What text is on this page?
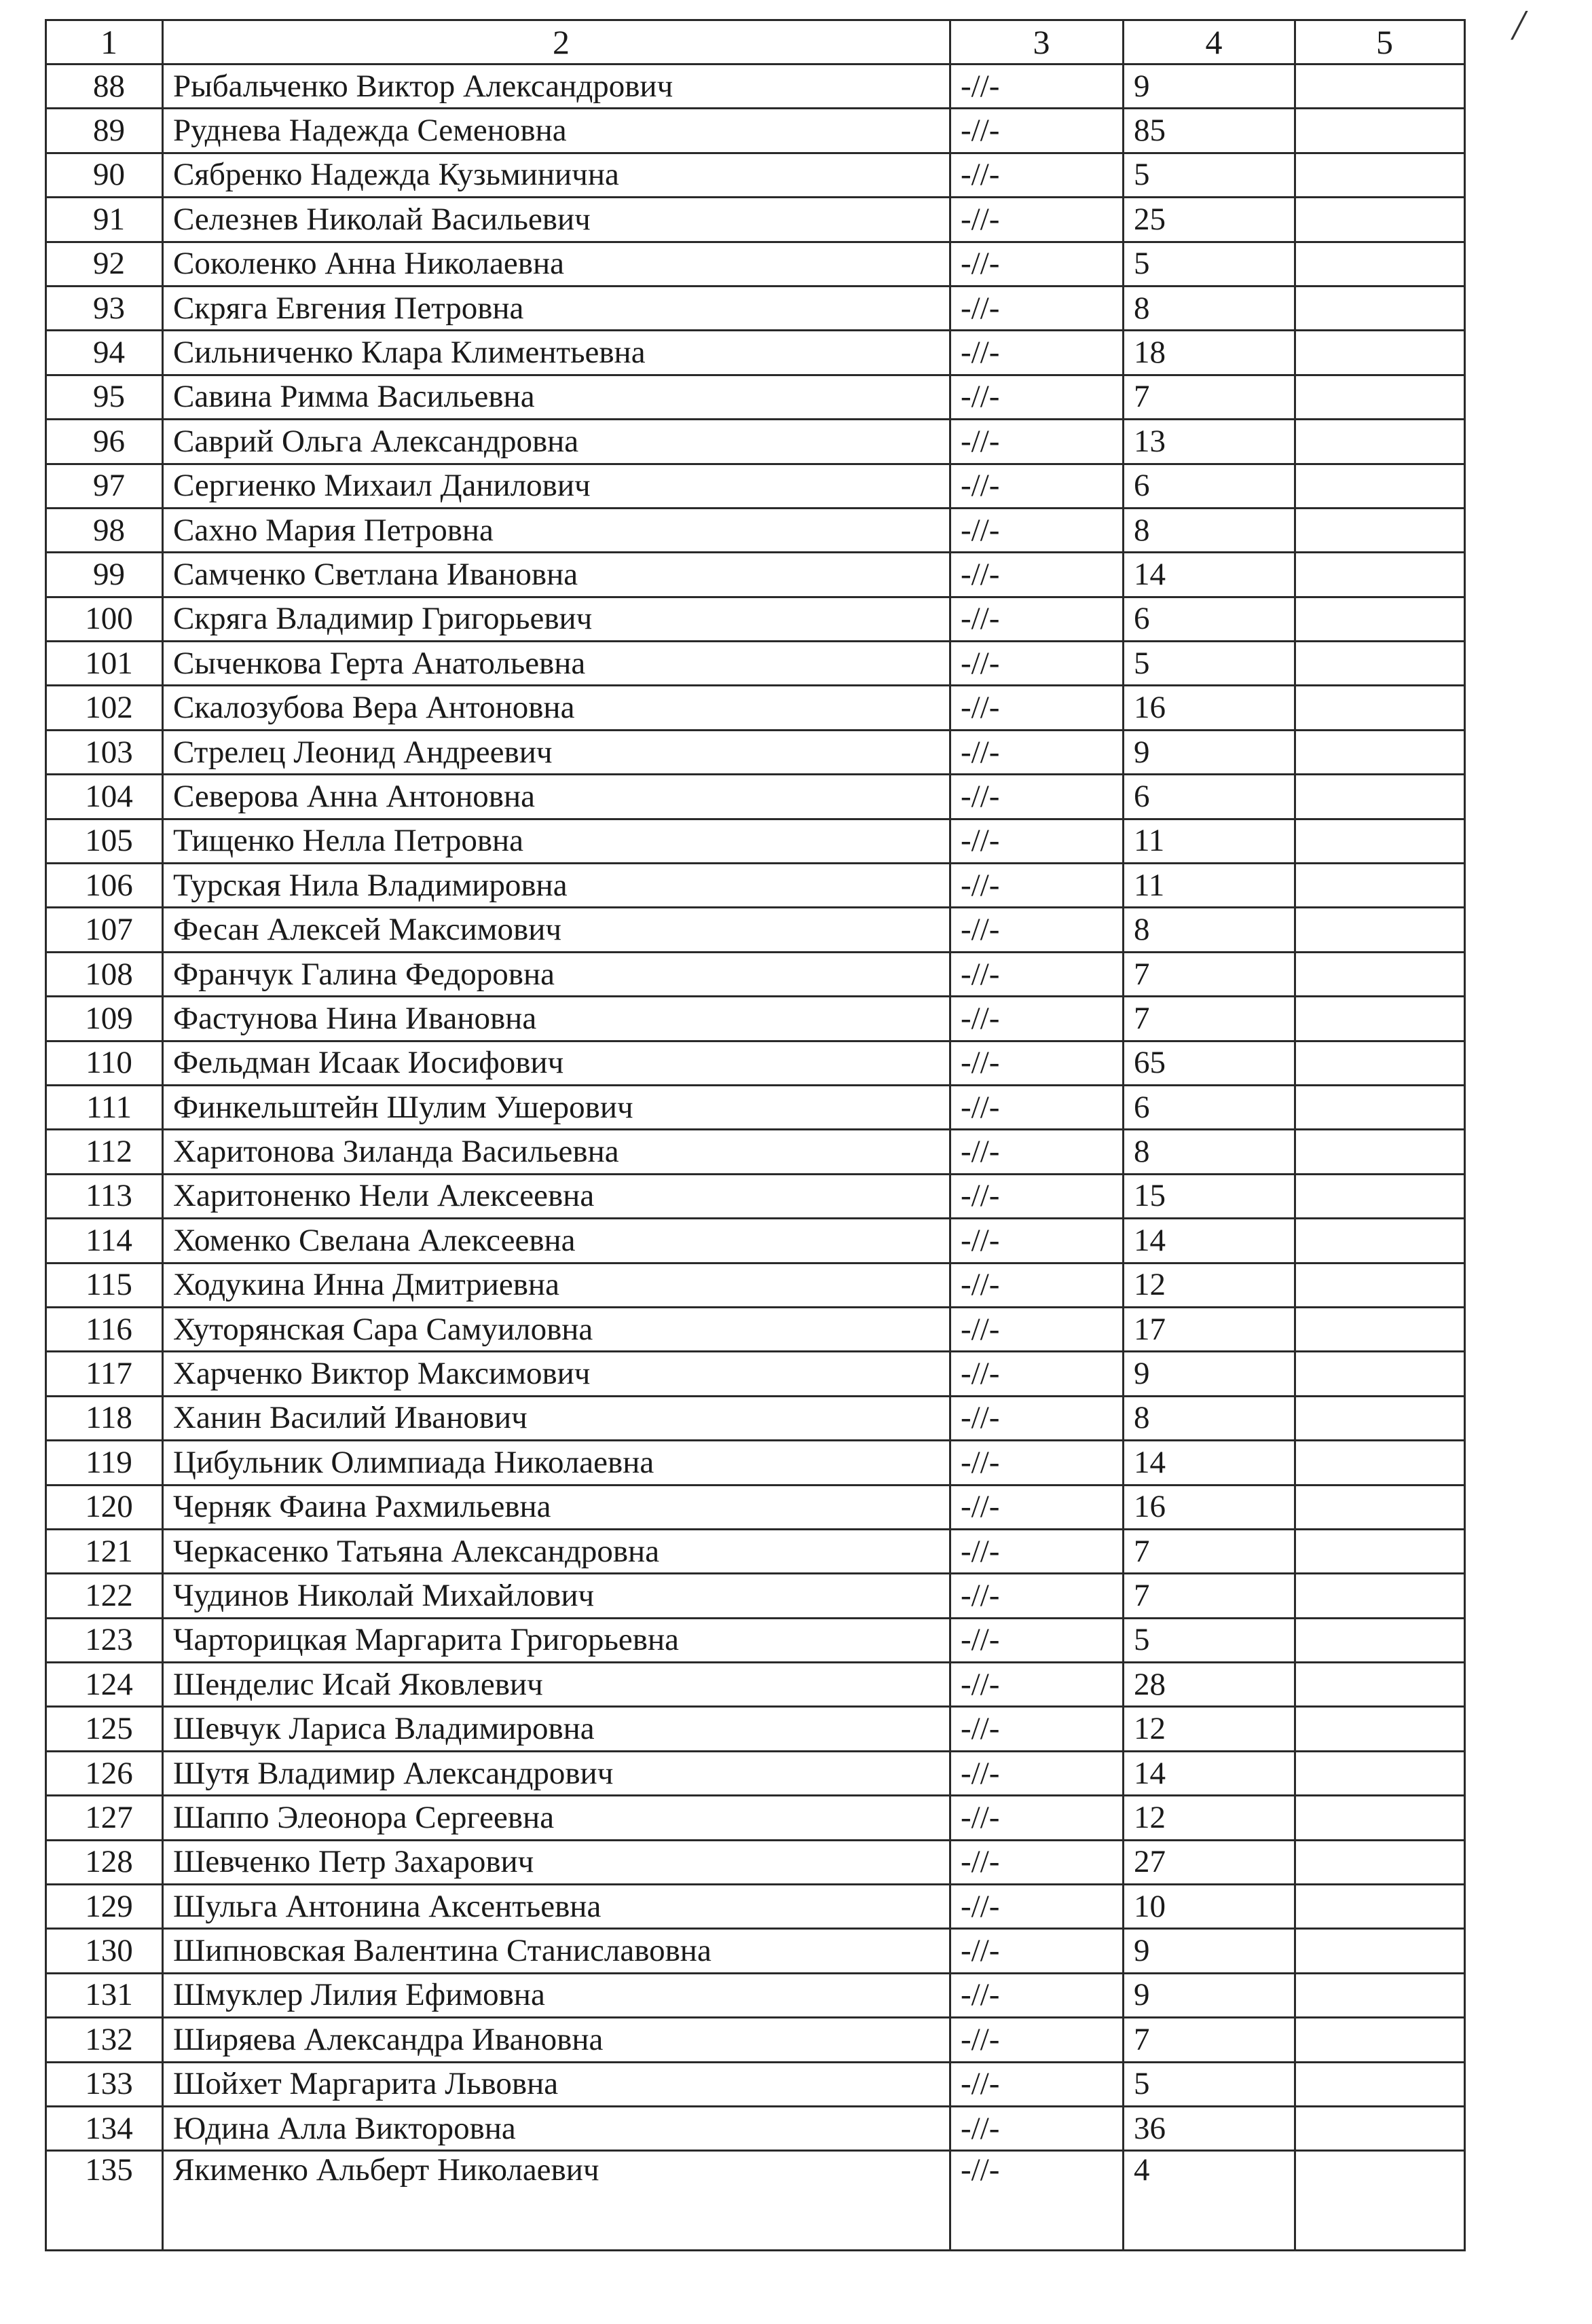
/
1	2	3	4	5
88	Рыбальченко Виктор Александрович	-//-	9	
89	Руднева Надежда Семеновна	-//-	85	
90	Сябренко Надежда Кузьминична	-//-	5	
91	Селезнев Николай Васильевич	-//-	25	
92	Соколенко Анна Николаевна	-//-	5	
93	Скряга Евгения Петровна	-//-	8	
94	Сильниченко Клара Климентьевна	-//-	18	
95	Савина Римма Васильевна	-//-	7	
96	Саврий Ольга Александровна	-//-	13	
97	Сергиенко Михаил Данилович	-//-	6	
98	Сахно Мария Петровна	-//-	8	
99	Самченко Светлана Ивановна	-//-	14	
100	Скряга Владимир Григорьевич	-//-	6	
101	Сыченкова Герта Анатольевна	-//-	5	
102	Скалозубова Вера Антоновна	-//-	16	
103	Стрелец Леонид Андреевич	-//-	9	
104	Северова Анна Антоновна	-//-	6	
105	Тищенко Нелла Петровна	-//-	11	
106	Турская Нила Владимировна	-//-	11	
107	Фесан Алексей Максимович	-//-	8	
108	Франчук Галина Федоровна	-//-	7	
109	Фастунова Нина Ивановна	-//-	7	
110	Фельдман Исаак Иосифович	-//-	65	
111	Финкельштейн Шулим Ушерович	-//-	6	
112	Харитонова Зиланда Васильевна	-//-	8	
113	Харитоненко Нели Алексеевна	-//-	15	
114	Хоменко Свелана Алексеевна	-//-	14	
115	Ходукина Инна Дмитриевна	-//-	12	
116	Хуторянская Сара Самуиловна	-//-	17	
117	Харченко Виктор Максимович	-//-	9	
118	Ханин Василий Иванович	-//-	8	
119	Цибульник Олимпиада Николаевна	-//-	14	
120	Черняк Фаина Рахмильевна	-//-	16	
121	Черкасенко Татьяна Александровна	-//-	7	
122	Чудинов Николай Михайлович	-//-	7	
123	Чарторицкая Маргарита Григорьевна	-//-	5	
124	Шенделис Исай Яковлевич	-//-	28	
125	Шевчук Лариса Владимировна	-//-	12	
126	Шутя Владимир Александрович	-//-	14	
127	Шаппо Элеонора Сергеевна	-//-	12	
128	Шевченко Петр Захарович	-//-	27	
129	Шульга Антонина Аксентьевна	-//-	10	
130	Шипновская Валентина Станиславовна	-//-	9	
131	Шмуклер Лилия Ефимовна	-//-	9	
132	Ширяева Александра Ивановна	-//-	7	
133	Шойхет Маргарита Львовна	-//-	5	
134	Юдина Алла Викторовна	-//-	36	
135	Якименко Альберт Николаевич	-//-	4	
